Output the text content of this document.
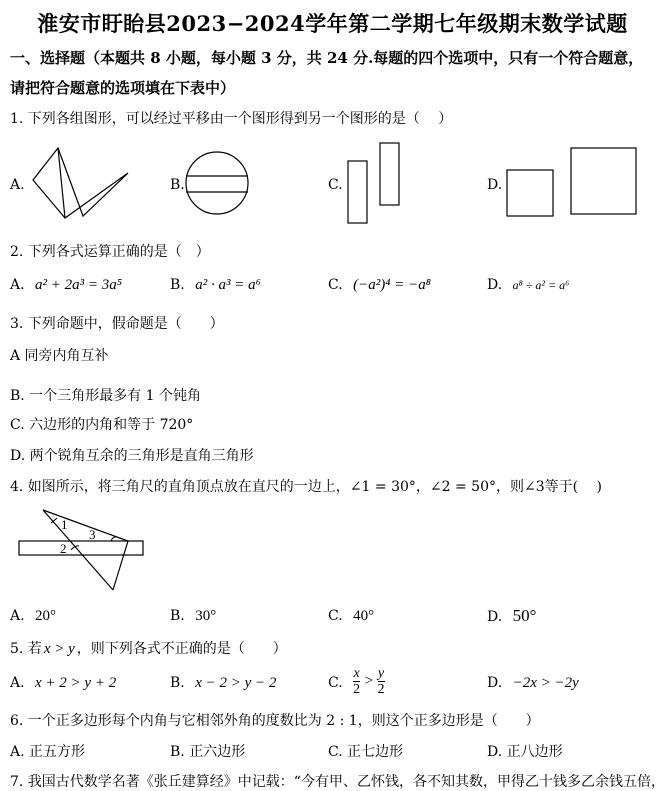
淮安市盱眙县2023−2024学年第二学期七年级期末数学试题
一、选择题（本题共 8 小题，每小题 3 分，共 24 分.每题的四个选项中，只有一个符合题意，
请把符合题意的选项填在下表中）
1. 下列各组图形，可以经过平移由一个图形得到另一个图形的是（　 ）
A.	B.	C.	D.
2. 下列各式运算正确的是（　）
A. a² + 2a³ = 3a⁵	B. a² · a³ = a⁶	C. (−a²)⁴ = −a⁸	D. a⁸ ÷ a² = a⁶
3. 下列命题中，假命题是（　　）
A 同旁内角互补
B. 一个三角形最多有 1 个钝角
C. 六边形的内角和等于 720°
D. 两个锐角互余的三角形是直角三角形
4. 如图所示，将三角尺的直角顶点放在直尺的一边上，∠1 = 30°，∠2 = 50°，则∠3等于(　 )
1
3
2
A. 20°	B. 30°	C. 40°	D. 50°
5. 若 x > y ，则下列各式不正确的是（　　）
A. x + 2 > y + 2	B. x − 2 > y − 2	C. $\frac{x}{2} > \frac{y}{2}$	D. −2x > −2y
6. 一个正多边形每个内角与它相邻外角的度数比为 2 : 1，则这个正多边形是（　　）
A. 正五方形	B. 正六边形	C. 正七边形	D. 正八边形
7. 我国古代数学名著《张丘建算经》中记载：“今有甲、乙怀钱，各不知其数，甲得乙十钱多乙余钱五倍，
